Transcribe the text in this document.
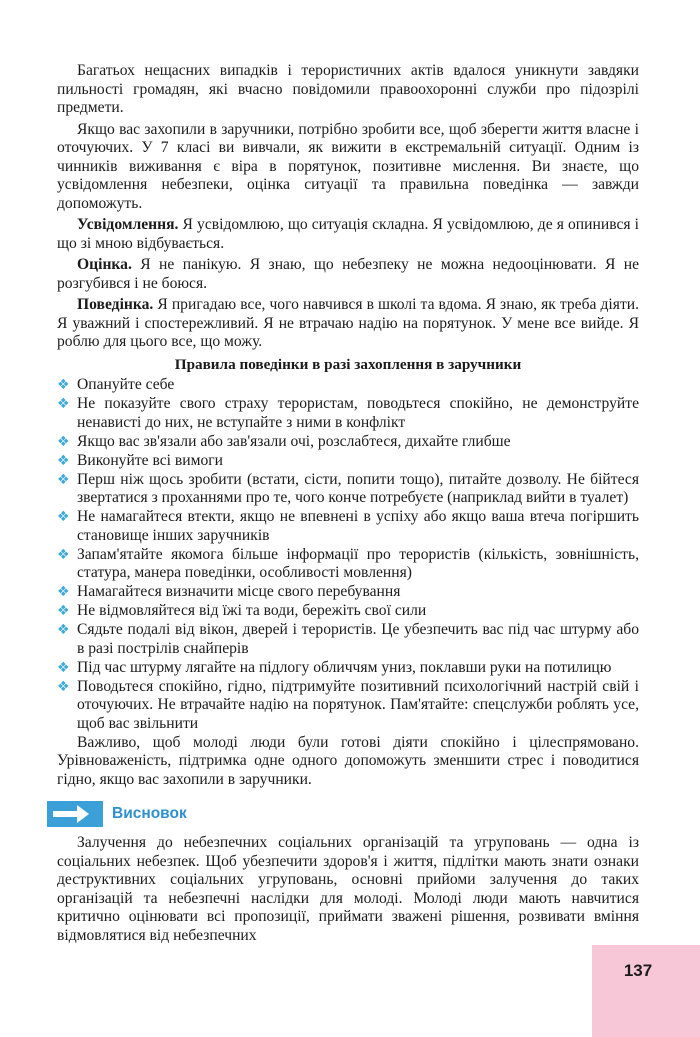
Багатьох нещасних випадків і терористичних актів вдалося уникнути завдяки пильності громадян, які вчасно повідомили правоохоронні служби про підозрілі предмети.

Якщо вас захопили в заручники, потрібно зробити все, щоб зберегти життя власне і оточуючих. У 7 класі ви вивчали, як вижити в екстремальній ситуації. Одним із чинників виживання є віра в порятунок, позитивне мислення. Ви знаєте, що усвідомлення небезпеки, оцінка ситуації та правильна поведінка — завжди допоможуть.

Усвідомлення. Я усвідомлюю, що ситуація складна. Я усвідомлюю, де я опинився і що зі мною відбувається.

Оцінка. Я не панікую. Я знаю, що небезпеку не можна недооцінювати. Я не розгубився і не боюся.

Поведінка. Я пригадаю все, чого навчився в школі та вдома. Я знаю, як треба діяти. Я уважний і спостережливий. Я не втрачаю надію на порятунок. У мене все вийде. Я роблю для цього все, що можу.

Правила поведінки в разі захоплення в заручники
❖ Опануйте себе
❖ Не показуйте свого страху терористам, поводьтеся спокійно, не демонструйте ненависті до них, не вступайте з ними в конфлікт
❖ Якщо вас зв'язали або зав'язали очі, розслабтеся, дихайте глибше
❖ Виконуйте всі вимоги
❖ Перш ніж щось зробити (встати, сісти, попити тощо), питайте дозволу. Не бійтеся звертатися з проханнями про те, чого конче потребуєте (наприклад вийти в туалет)
❖ Не намагайтеся втекти, якщо не впевнені в успіху або якщо ваша втеча погіршить становище інших заручників
❖ Запам'ятайте якомога більше інформації про терористів (кількість, зовнішність, статура, манера поведінки, особливості мовлення)
❖ Намагайтеся визначити місце свого перебування
❖ Не відмовляйтеся від їжі та води, бережіть свої сили
❖ Сядьте подалі від вікон, дверей і терористів. Це убезпечить вас під час штурму або в разі пострілів снайперів
❖ Під час штурму лягайте на підлогу обличчям униз, поклавши руки на потилицю
❖ Поводьтеся спокійно, гідно, підтримуйте позитивний психологічний настрій свій і оточуючих. Не втрачайте надію на порятунок. Пам'ятайте: спецслужби роблять усе, щоб вас звільнити

Важливо, щоб молоді люди були готові діяти спокійно і цілеспрямовано. Урівноваженість, підтримка одне одного допоможуть зменшити стрес і поводитися гідно, якщо вас захопили в заручники.

Висновок

Залучення до небезпечних соціальних організацій та угруповань — одна із соціальних небезпек. Щоб убезпечити здоров'я і життя, підлітки мають знати ознаки деструктивних соціальних угруповань, основні прийоми залучення до таких організацій та небезпечні наслідки для молоді. Молоді люди мають навчитися критично оцінювати всі пропозиції, приймати зважені рішення, розвивати вміння відмовлятися від небезпечних

137
